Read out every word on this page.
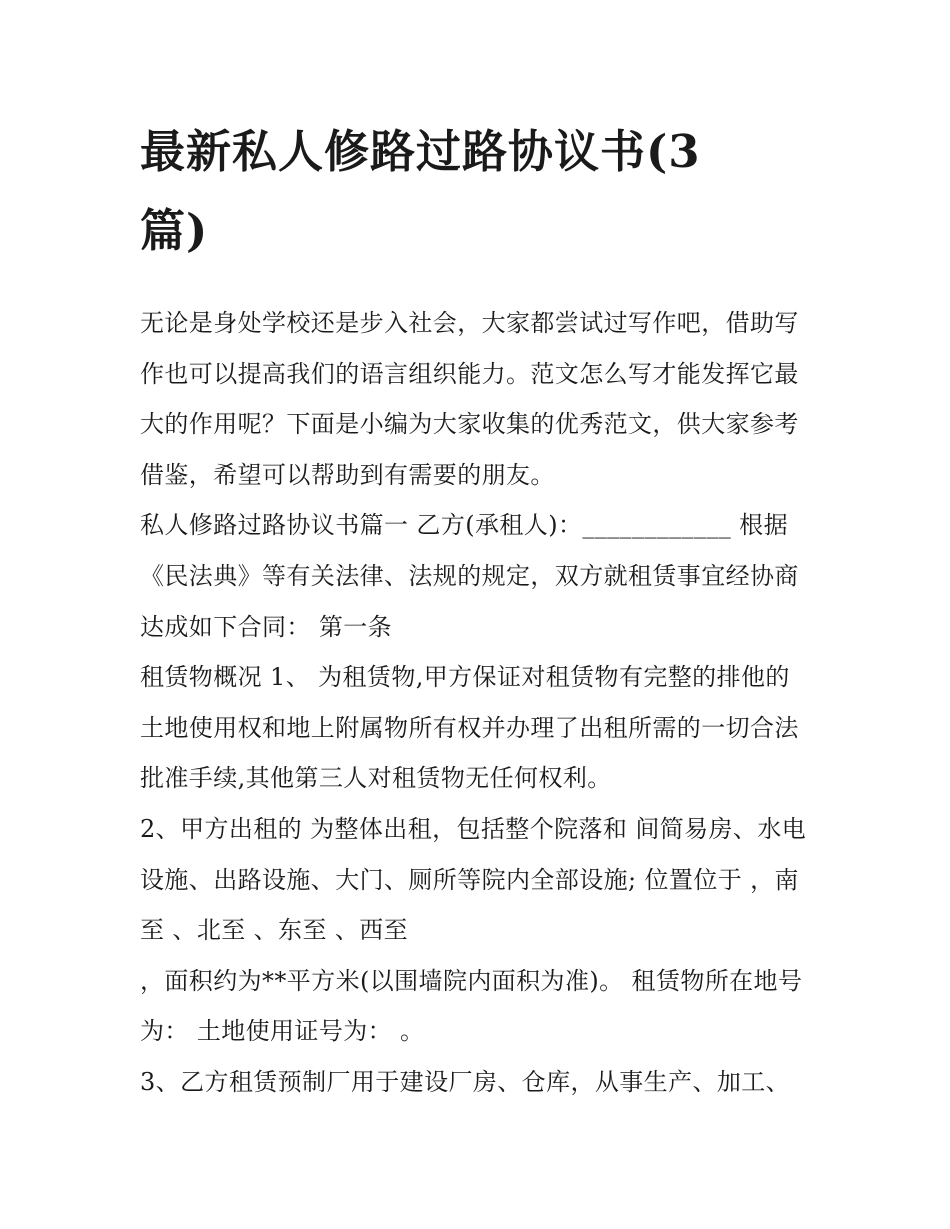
最新私人修路过路协议书(3篇)
无论是身处学校还是步入社会，大家都尝试过写作吧，借助写
作也可以提高我们的语言组织能力。范文怎么写才能发挥它最
大的作用呢？下面是小编为大家收集的优秀范文，供大家参考
借鉴，希望可以帮助到有需要的朋友。
私人修路过路协议书篇一 乙方(承租人)：____________ 根据
《民法典》等有关法律、法规的规定，双方就租赁事宜经协商
达成如下合同： 第一条
租赁物概况 1、 为租赁物,甲方保证对租赁物有完整的排他的
土地使用权和地上附属物所有权并办理了出租所需的一切合法
批准手续,其他第三人对租赁物无任何权利。
2、甲方出租的 为整体出租，包括整个院落和 间简易房、水电
设施、出路设施、大门、厕所等院内全部设施; 位置位于 ，南
至 、北至 、东至 、西至
，面积约为**平方米(以围墙院内面积为准)。 租赁物所在地号
为： 土地使用证号为： 。
3、乙方租赁预制厂用于建设厂房、仓库，从事生产、加工、
